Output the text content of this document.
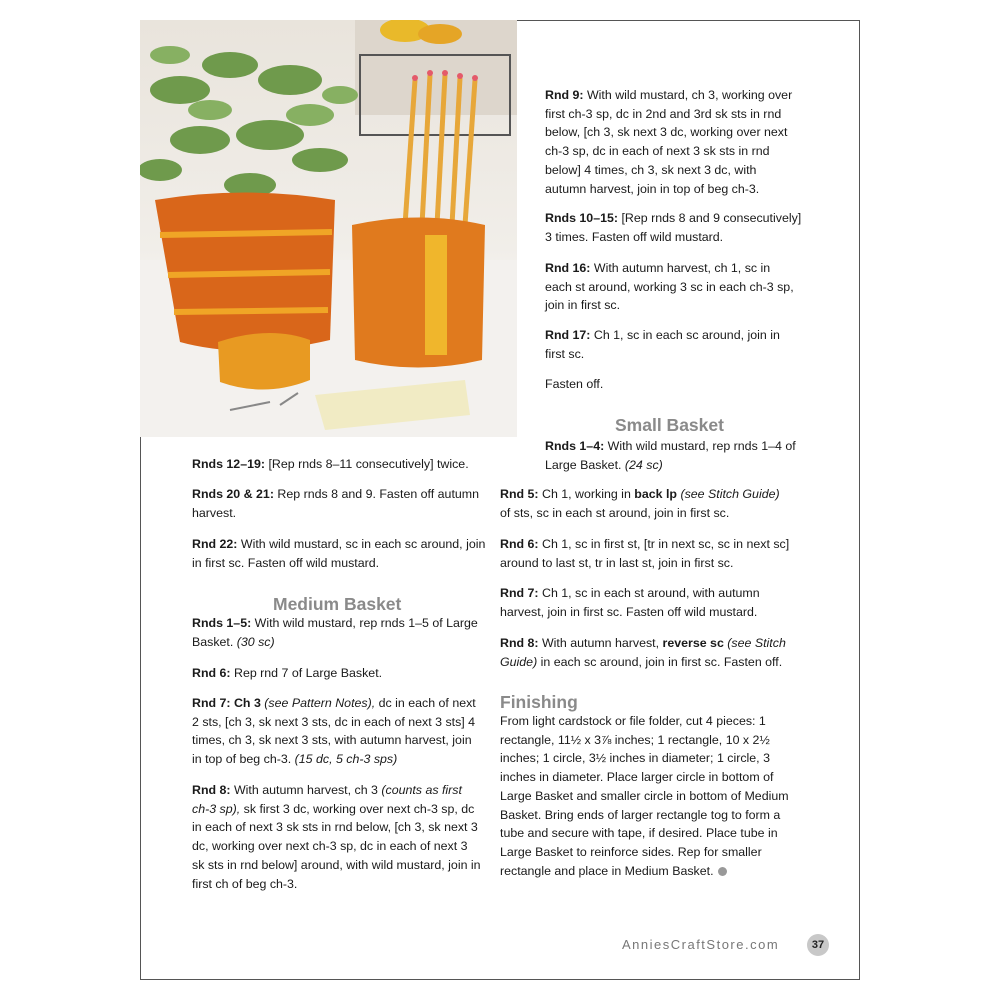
Rnds 12–19: [Rep rnds 8–11 consecutively] twice.
Rnds 20 & 21: Rep rnds 8 and 9. Fasten off autumn harvest.
Rnd 22: With wild mustard, sc in each sc around, join in first sc. Fasten off wild mustard.
Rnds 1–5: With wild mustard, rep rnds 1–5 of Large Basket. (30 sc)
Rnd 6: Rep rnd 7 of Large Basket.
Rnd 7: Ch 3 (see Pattern Notes), dc in each of next 2 sts, [ch 3, sk next 3 sts, dc in each of next 3 sts] 4 times, ch 3, sk next 3 sts, with autumn harvest, join in top of beg ch-3. (15 dc, 5 ch-3 sps)
Rnd 8: With autumn harvest, ch 3 (counts as first ch-3 sp), sk first 3 dc, working over next ch-3 sp, dc in each of next 3 sk sts in rnd below, [ch 3, sk next 3 dc, working over next ch-3 sp, dc in each of next 3 sk sts in rnd below] around, with wild mustard, join in first ch of beg ch-3.
Rnd 9: With wild mustard, ch 3, working over first ch-3 sp, dc in 2nd and 3rd sk sts in rnd below, [ch 3, sk next 3 dc, working over next ch-3 sp, dc in each of next 3 sk sts in rnd below] 4 times, ch 3, sk next 3 dc, with autumn harvest, join in top of beg ch-3.
Rnds 10–15: [Rep rnds 8 and 9 consecutively] 3 times. Fasten off wild mustard.
Rnd 16: With autumn harvest, ch 1, sc in each st around, working 3 sc in each ch-3 sp, join in first sc.
Rnd 17: Ch 1, sc in each sc around, join in first sc.
Fasten off.
Rnds 1–4: With wild mustard, rep rnds 1–4 of Large Basket. (24 sc)
Rnd 5: Ch 1, working in back lp (see Stitch Guide) of sts, sc in each st around, join in first sc.
Rnd 6: Ch 1, sc in first st, [tr in next sc, sc in next sc] around to last st, tr in last st, join in first sc.
Rnd 7: Ch 1, sc in each st around, with autumn harvest, join in first sc. Fasten off wild mustard.
Rnd 8: With autumn harvest, reverse sc (see Stitch Guide) in each sc around, join in first sc. Fasten off.
From light cardstock or file folder, cut 4 pieces: 1 rectangle, 11½ x 3⅞ inches; 1 rectangle, 10 x 2½ inches; 1 circle, 3½ inches in diameter; 1 circle, 3 inches in diameter. Place larger circle in bottom of Large Basket and smaller circle in bottom of Medium Basket. Bring ends of larger rectangle tog to form a tube and secure with tape, if desired. Place tube in Large Basket to reinforce sides. Rep for smaller rectangle and place in Medium Basket.
Medium Basket
Small Basket
Finishing
AnniesCraftStore.com	37
